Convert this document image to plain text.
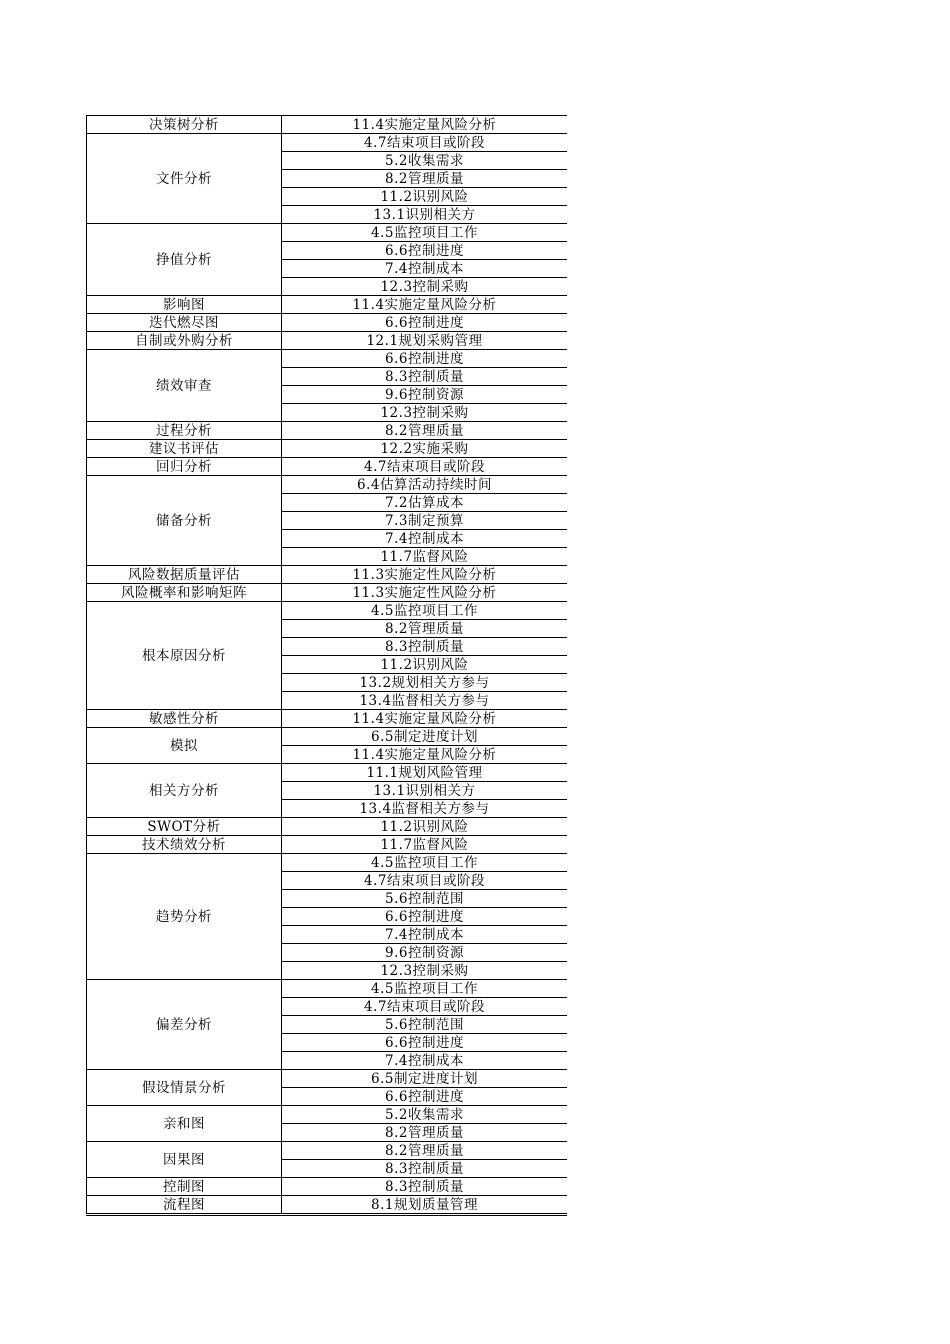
决策树分析	11.4实施定量风险分析
文件分析	4.7结束项目或阶段
	5.2收集需求
	8.2管理质量
	11.2识别风险
	13.1识别相关方
挣值分析	4.5监控项目工作
	6.6控制进度
	7.4控制成本
	12.3控制采购
影响图	11.4实施定量风险分析
迭代燃尽图	6.6控制进度
自制或外购分析	12.1规划采购管理
绩效审查	6.6控制进度
	8.3控制质量
	9.6控制资源
	12.3控制采购
过程分析	8.2管理质量
建议书评估	12.2实施采购
回归分析	4.7结束项目或阶段
储备分析	6.4估算活动持续时间
	7.2估算成本
	7.3制定预算
	7.4控制成本
	11.7监督风险
风险数据质量评估	11.3实施定性风险分析
风险概率和影响矩阵	11.3实施定性风险分析
根本原因分析	4.5监控项目工作
	8.2管理质量
	8.3控制质量
	11.2识别风险
	13.2规划相关方参与
	13.4监督相关方参与
敏感性分析	11.4实施定量风险分析
模拟	6.5制定进度计划
	11.4实施定量风险分析
相关方分析	11.1规划风险管理
	13.1识别相关方
	13.4监督相关方参与
SWOT分析	11.2识别风险
技术绩效分析	11.7监督风险
趋势分析	4.5监控项目工作
	4.7结束项目或阶段
	5.6控制范围
	6.6控制进度
	7.4控制成本
	9.6控制资源
	12.3控制采购
偏差分析	4.5监控项目工作
	4.7结束项目或阶段
	5.6控制范围
	6.6控制进度
	7.4控制成本
假设情景分析	6.5制定进度计划
	6.6控制进度
亲和图	5.2收集需求
	8.2管理质量
因果图	8.2管理质量
	8.3控制质量
控制图	8.3控制质量
流程图	8.1规划质量管理
